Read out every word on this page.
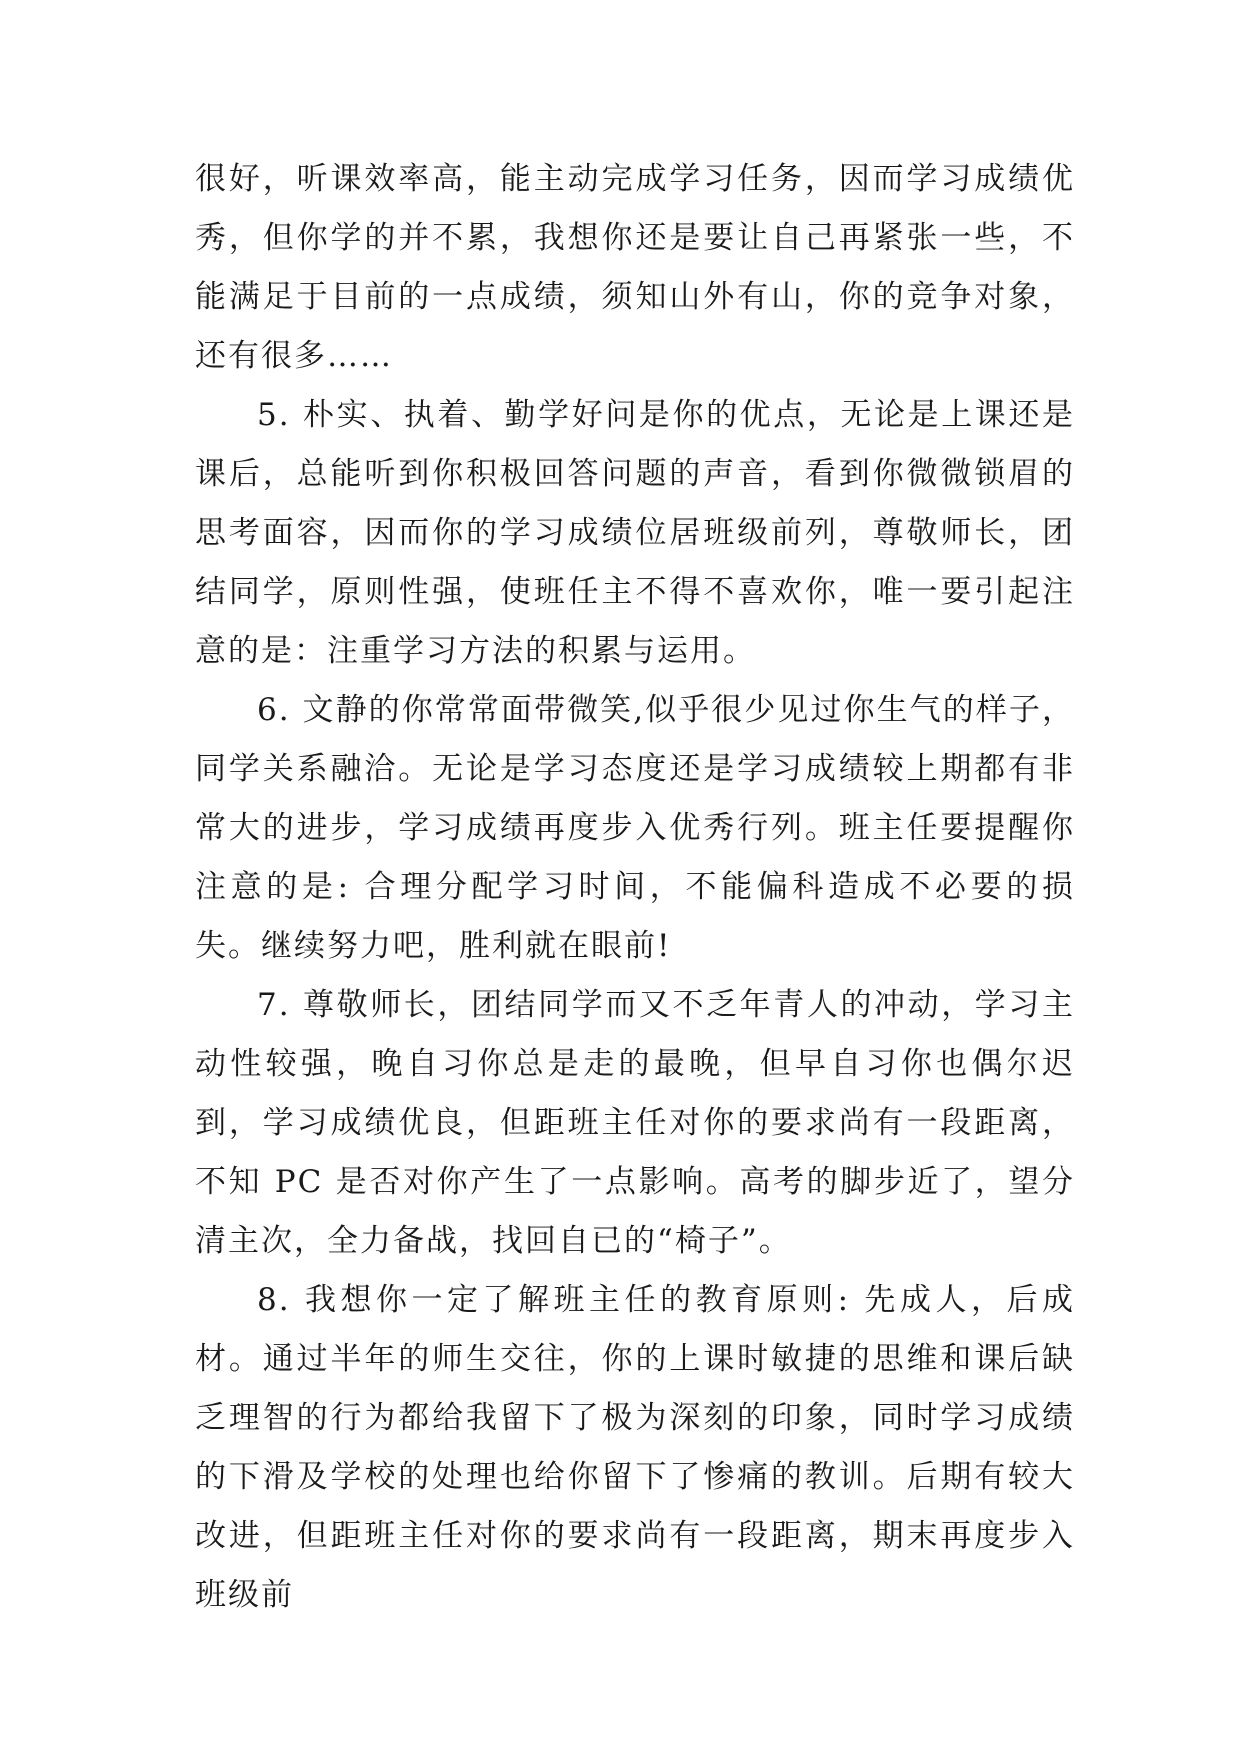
很好，听课效率高，能主动完成学习任务，因而学习成绩优秀，但你学的并不累，我想你还是要让自己再紧张一些，不能满足于目前的一点成绩，须知山外有山，你的竞争对象，还有很多……

5. 朴实、执着、勤学好问是你的优点，无论是上课还是课后，总能听到你积极回答问题的声音，看到你微微锁眉的思考面容，因而你的学习成绩位居班级前列，尊敬师长，团结同学，原则性强，使班任主不得不喜欢你，唯一要引起注意的是：注重学习方法的积累与运用。

6. 文静的你常常面带微笑,似乎很少见过你生气的样子，同学关系融洽。无论是学习态度还是学习成绩较上期都有非常大的进步，学习成绩再度步入优秀行列。班主任要提醒你注意的是: 合理分配学习时间，不能偏科造成不必要的损失。继续努力吧，胜利就在眼前!

7. 尊敬师长，团结同学而又不乏年青人的冲动，学习主动性较强，晚自习你总是走的最晚，但早自习你也偶尔迟到，学习成绩优良，但距班主任对你的要求尚有一段距离，不知 PC 是否对你产生了一点影响。高考的脚步近了，望分清主次，全力备战，找回自已的“椅子”。

8. 我想你一定了解班主任的教育原则: 先成人，后成材。通过半年的师生交往，你的上课时敏捷的思维和课后缺乏理智的行为都给我留下了极为深刻的印象，同时学习成绩的下滑及学校的处理也给你留下了惨痛的教训。后期有较大改进，但距班主任对你的要求尚有一段距离，期末再度步入班级前
